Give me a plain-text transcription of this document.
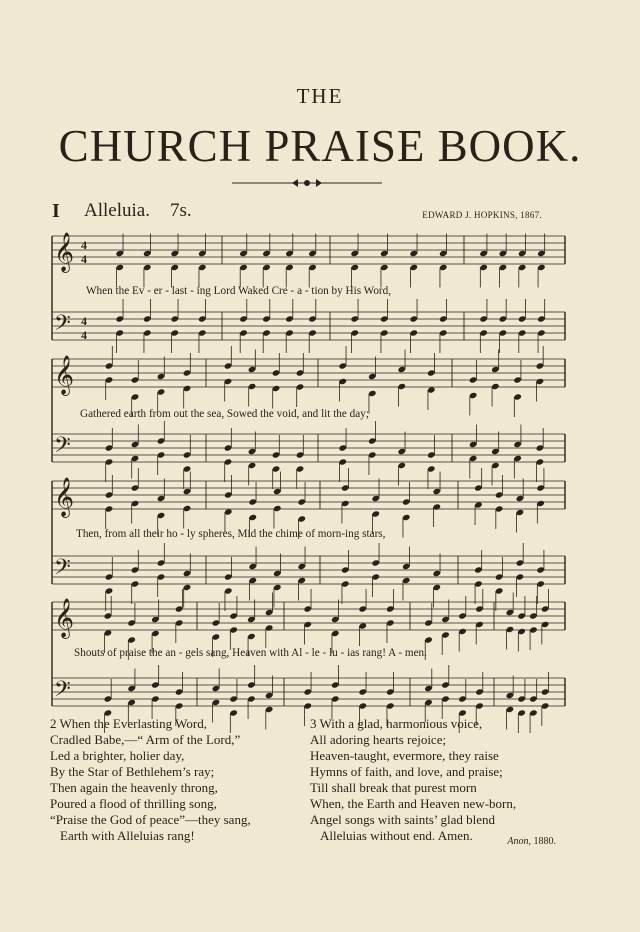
THE
CHURCH PRAISE BOOK.
I Alleluia. 7s.	EDWARD J. HOPKINS, 1867.
𝄞
𝄢
4
4
4
4
𝄞
𝄢
𝄞
𝄢
𝄞
𝄢
When the Ev - er - last - ing Lord Waked Cre - a - tion by His Word,
Gathered earth from out the sea, Sowed the void, and lit the day;
Then, from all their ho - ly spheres, Mid the chime of morn-ing stars,
Shouts of praise the an - gels sang, Heaven with Al - le - lu - ias rang! A - men.
2 When the Everlasting Word,
Cradled Babe,—“ Arm of the Lord,”
Led a brighter, holier day,
By the Star of Bethlehem’s ray;
Then again the heavenly throng,
Poured a flood of thrilling song,
“Praise the God of peace”—they sang,
Earth with Alleluias rang!
3 With a glad, harmonious voice,
All adoring hearts rejoice;
Heaven-taught, evermore, they raise
Hymns of faith, and love, and praise;
Till shall break that purest morn
When, the Earth and Heaven new-born,
Angel songs with saints’ glad blend
Alleluias without end. Amen.	Anon, 1880.
